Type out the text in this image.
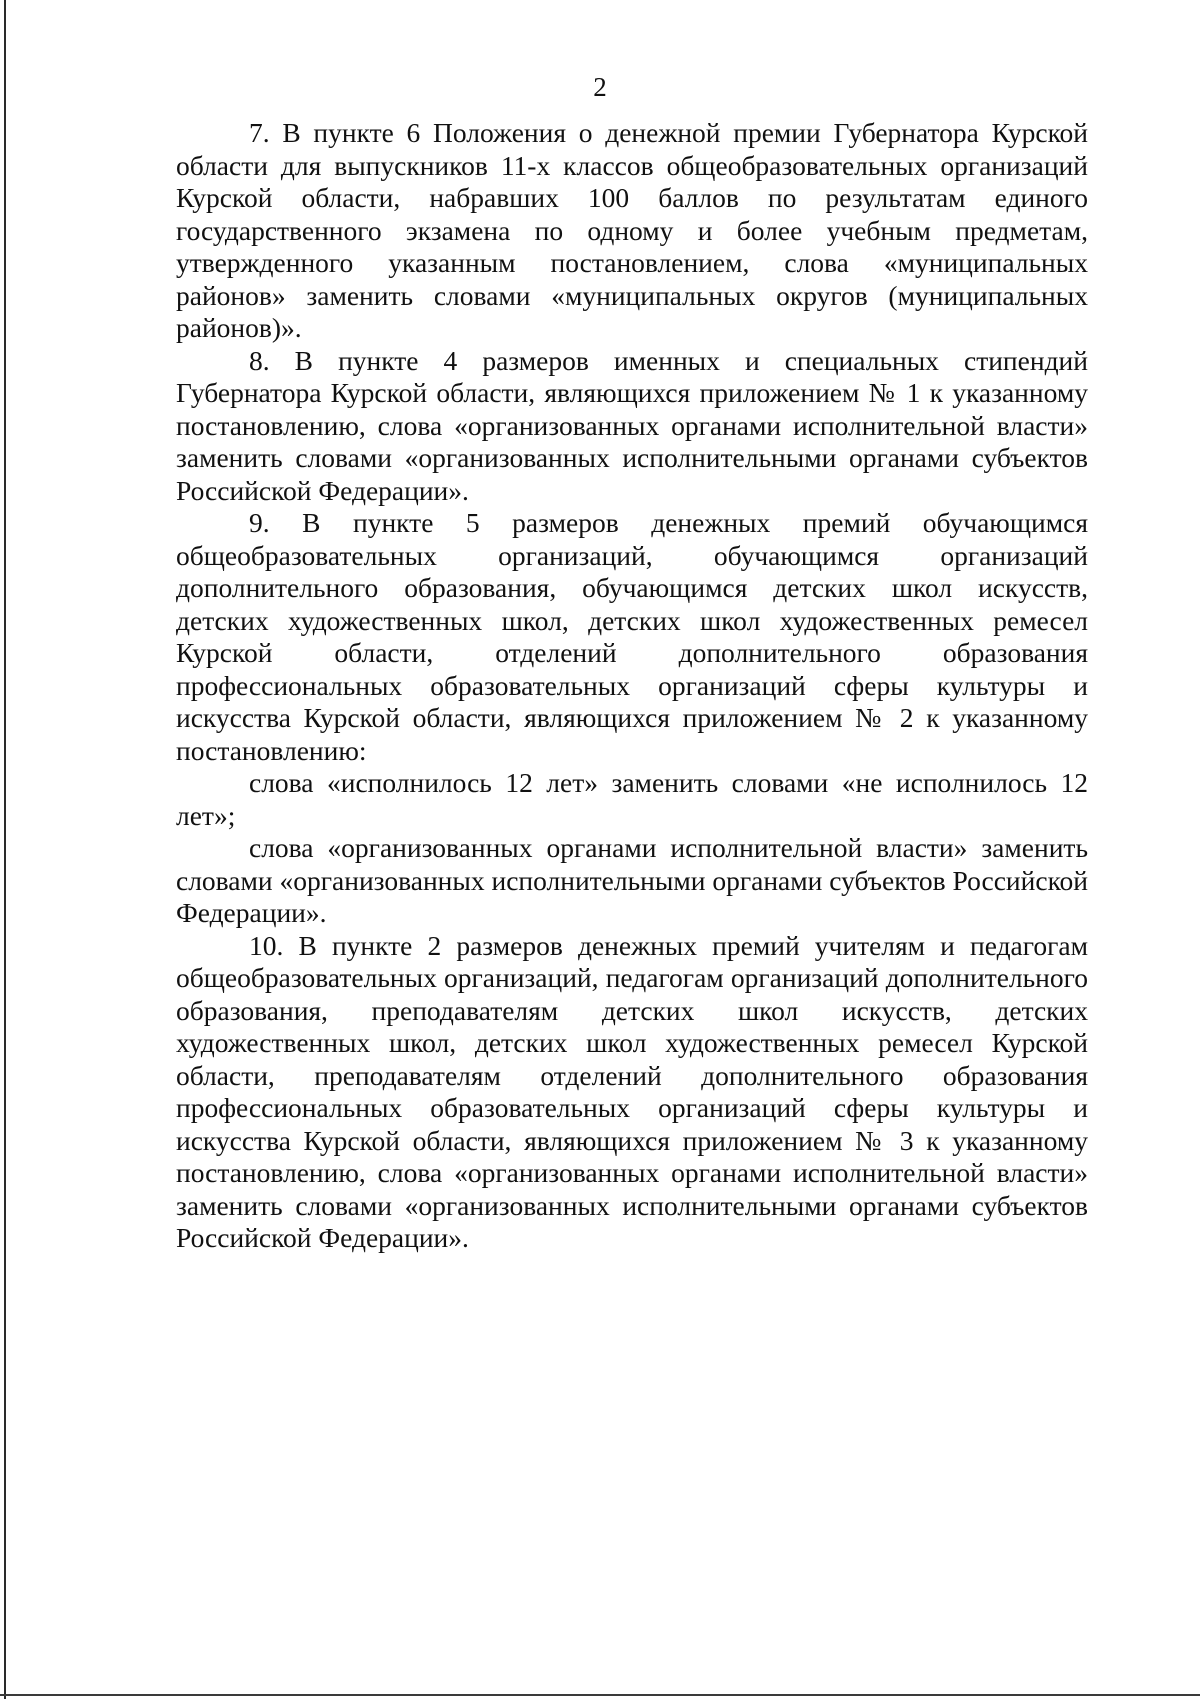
2

7. В пункте 6 Положения о денежной премии Губернатора Курской области для выпускников 11-х классов общеобразовательных организаций Курской области, набравших 100 баллов по результатам единого государственного экзамена по одному и более учебным предметам, утвержденного указанным постановлением, слова «муниципальных районов» заменить словами «муниципальных округов (муниципальных районов)».

8. В пункте 4 размеров именных и специальных стипендий Губернатора Курской области, являющихся приложением № 1 к указанному постановлению, слова «организованных органами исполнительной власти» заменить словами «организованных исполнительными органами субъектов Российской Федерации».

9. В пункте 5 размеров денежных премий обучающимся общеобразовательных организаций, обучающимся организаций дополнительного образования, обучающимся детских школ искусств, детских художественных школ, детских школ художественных ремесел Курской области, отделений дополнительного образования профессиональных образовательных организаций сферы культуры и искусства Курской области, являющихся приложением № 2 к указанному постановлению:

слова «исполнилось 12 лет» заменить словами «не исполнилось 12 лет»;

слова «организованных органами исполнительной власти» заменить словами «организованных исполнительными органами субъектов Российской Федерации».

10. В пункте 2 размеров денежных премий учителям и педагогам общеобразовательных организаций, педагогам организаций дополнительного образования, преподавателям детских школ искусств, детских художественных школ, детских школ художественных ремесел Курской области, преподавателям отделений дополнительного образования профессиональных образовательных организаций сферы культуры и искусства Курской области, являющихся приложением № 3 к указанному постановлению, слова «организованных органами исполнительной власти» заменить словами «организованных исполнительными органами субъектов Российской Федерации».
